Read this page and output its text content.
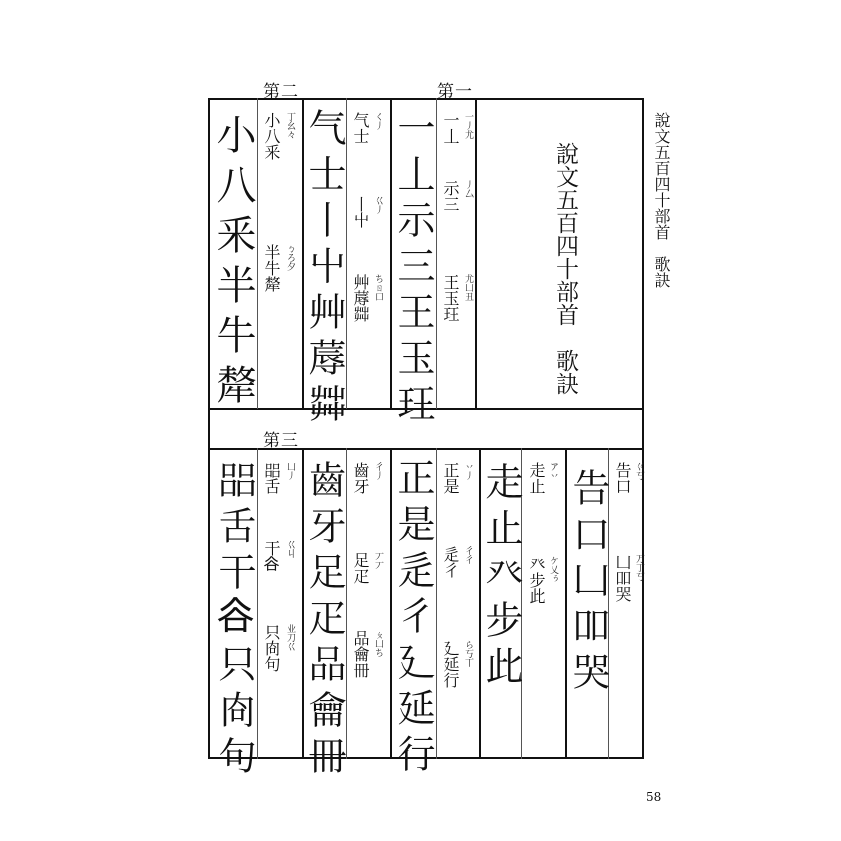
說文五百四十部首　歌訣
第二	第一
第三
說文五百四十部首　歌訣
一丄 一丿尤
示三 丿厶
王玉玨 尤凵丑
一丄示三王玉玨
气士 く丿
丨屮 巜丿
艸蓐茻 ちㄖ口
气士丨屮艸蓐茻
小八釆 丁幺々
半牛犛 ㄅろ夕
小八釆半牛犛
告口 巜丂
凵吅哭 万丁丂
告口凵吅哭
走止 ア丷
癶步此 ケ乂ぅ
走止癶步此
正是 丷丿
辵彳 彳彳
廴延行 ら丂丅
正是辵彳廴延行
齒牙 彳丿
足疋 丆丆
品龠冊 ㄆ凵ち
齒牙足疋品龠冊
㗊舌 凵丿
干𧮫 巜丩
只㕯句 业刀巜
㗊舌干𧮫只㕯句
58
